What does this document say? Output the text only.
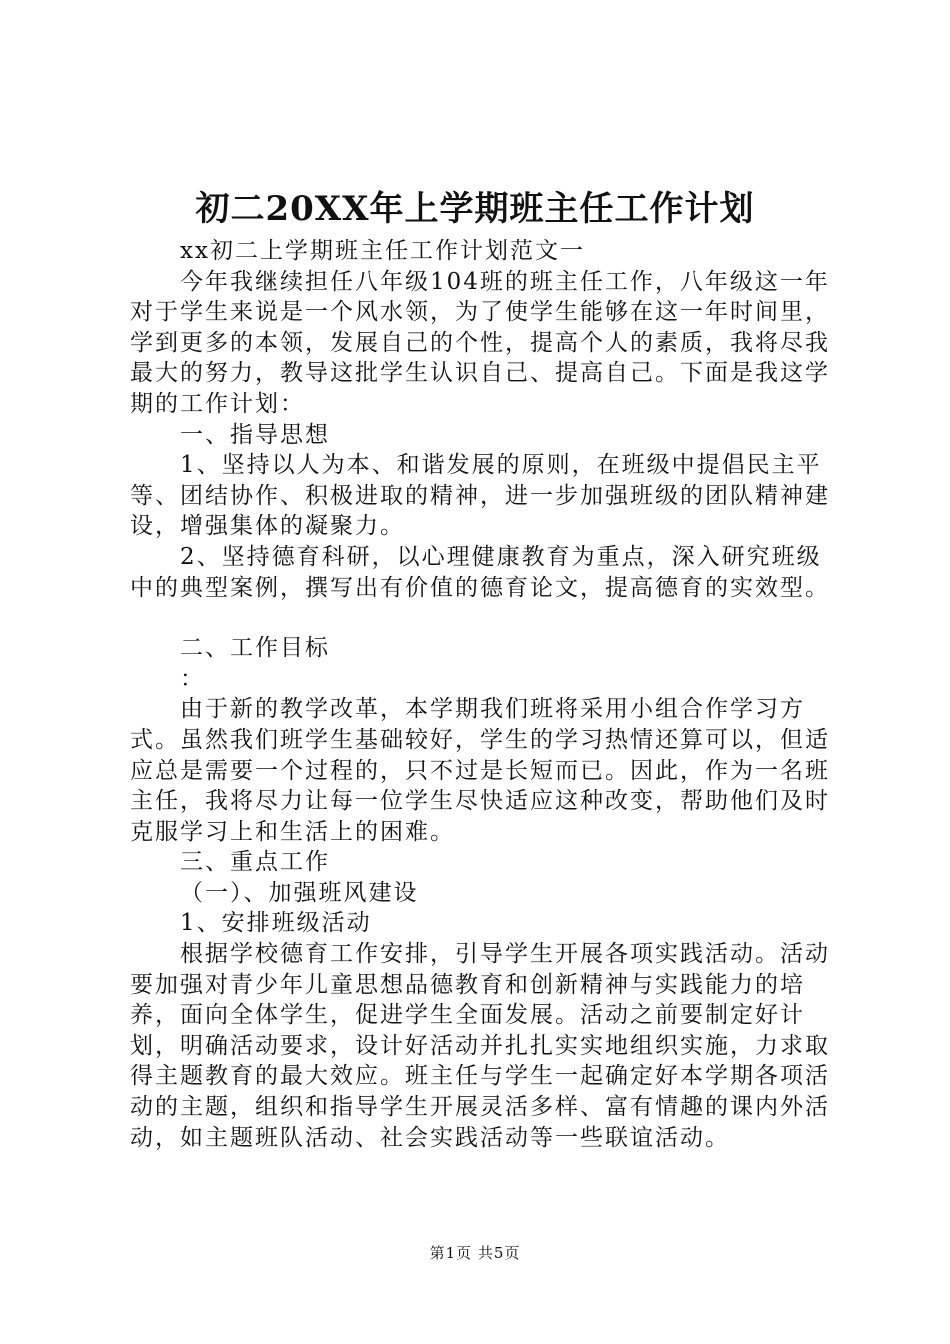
初二20XX年上学期班主任工作计划

xx初二上学期班主任工作计划范文一

今年我继续担任八年级104班的班主任工作，八年级这一年对于学生来说是一个风水领，为了使学生能够在这一年时间里，学到更多的本领，发展自己的个性，提高个人的素质，我将尽我最大的努力，教导这批学生认识自己、提高自己。下面是我这学期的工作计划：

一、指导思想

1、坚持以人为本、和谐发展的原则，在班级中提倡民主平等、团结协作、积极进取的精神，进一步加强班级的团队精神建设，增强集体的凝聚力。

2、坚持德育科研，以心理健康教育为重点，深入研究班级中的典型案例，撰写出有价值的德育论文，提高德育的实效型。

二、工作目标

：

由于新的教学改革，本学期我们班将采用小组合作学习方式。虽然我们班学生基础较好，学生的学习热情还算可以，但适应总是需要一个过程的，只不过是长短而已。因此，作为一名班主任，我将尽力让每一位学生尽快适应这种改变，帮助他们及时克服学习上和生活上的困难。

三、重点工作

（一）、加强班风建设

1、安排班级活动

根据学校德育工作安排，引导学生开展各项实践活动。活动要加强对青少年儿童思想品德教育和创新精神与实践能力的培养，面向全体学生，促进学生全面发展。活动之前要制定好计划，明确活动要求，设计好活动并扎扎实实地组织实施，力求取得主题教育的最大效应。班主任与学生一起确定好本学期各项活动的主题，组织和指导学生开展灵活多样、富有情趣的课内外活动，如主题班队活动、社会实践活动等一些联谊活动。

第1页 共5页
